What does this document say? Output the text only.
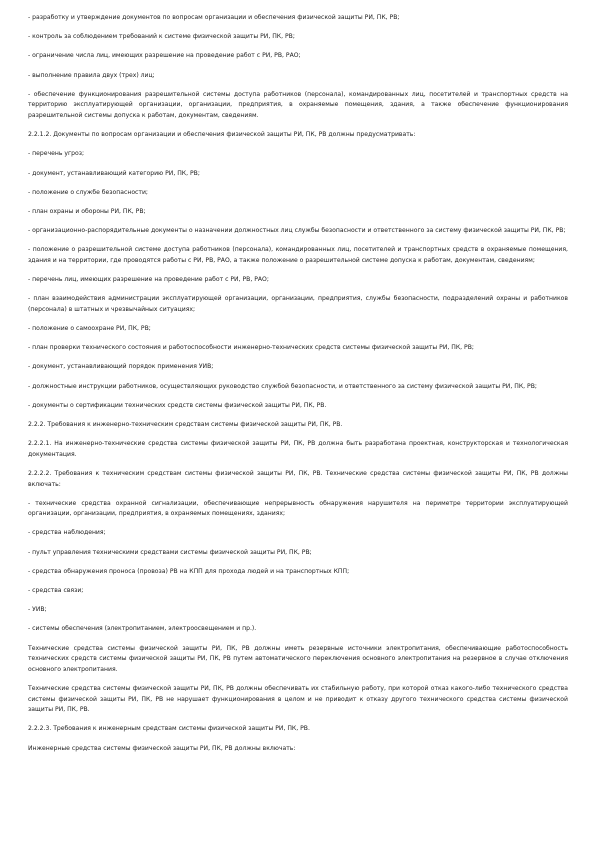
- разработку и утверждение документов по вопросам организации и обеспечения физической защиты РИ, ПК, РВ;

- контроль за соблюдением требований к системе физической защиты РИ, ПК, РВ;

- ограничение числа лиц, имеющих разрешение на проведение работ с РИ, РВ, РАО;

- выполнение правила двух (трех) лиц;

- обеспечение функционирования разрешительной системы доступа работников (персонала), командированных лиц, посетителей и транспортных средств на территорию эксплуатирующей организации, организации, предприятия, в охраняемые помещения, здания, а также обеспечение функционирования разрешительной системы допуска к работам, документам, сведениям.

2.2.1.2. Документы по вопросам организации и обеспечения физической защиты РИ, ПК, РВ должны предусматривать:

- перечень угроз;

- документ, устанавливающий категорию РИ, ПК, РВ;

- положение о службе безопасности;

- план охраны и обороны РИ, ПК, РВ;

- организационно-распорядительные документы о назначении должностных лиц службы безопасности и ответственного за систему физической защиты РИ, ПК, РВ;

- положение о разрешительной системе доступа работников (персонала), командированных лиц, посетителей и транспортных средств в охраняемые помещения, здания и на территории, где проводятся работы с РИ, РВ, РАО, а также положение о разрешительной системе допуска к работам, документам, сведениям;

- перечень лиц, имеющих разрешение на проведение работ с РИ, РВ, РАО;

- план взаимодействия администрации эксплуатирующей организации, организации, предприятия, службы безопасности, подразделений охраны и работников (персонала) в штатных и чрезвычайных ситуациях;

- положение о самоохране РИ, ПК, РВ;

- план проверки технического состояния и работоспособности инженерно-технических средств системы физической защиты РИ, ПК, РВ;

- документ, устанавливающий порядок применения УИВ;

- должностные инструкции работников, осуществляющих руководство службой безопасности, и ответственного за систему физической защиты РИ, ПК, РВ;

- документы о сертификации технических средств системы физической защиты РИ, ПК, РВ.

2.2.2. Требования к инженерно-техническим средствам системы физической защиты РИ, ПК, РВ.

2.2.2.1. На инженерно-технические средства системы физической защиты РИ, ПК, РВ должна быть разработана проектная, конструкторская и технологическая документация.

2.2.2.2. Требования к техническим средствам системы физической защиты РИ, ПК, РВ. Технические средства системы физической защиты РИ, ПК, РВ должны включать:

- технические средства охранной сигнализации, обеспечивающие непрерывность обнаружения нарушителя на периметре территории эксплуатирующей организации, организации, предприятия, в охраняемых помещениях, зданиях;

- средства наблюдения;

- пульт управления техническими средствами системы физической защиты РИ, ПК, РВ;

- средства обнаружения проноса (провоза) РВ на КПП для прохода людей и на транспортных КПП;

- средства связи;

- УИВ;

- системы обеспечения (электропитанием, электроосвещением и пр.).

Технические средства системы физической защиты РИ, ПК, РВ должны иметь резервные источники электропитания, обеспечивающие работоспособность технических средств системы физической защиты РИ, ПК, РВ путем автоматического переключения основного электропитания на резервное в случае отключения основного электропитания.

Технические средства системы физической защиты РИ, ПК, РВ должны обеспечивать их стабильную работу, при которой отказ какого-либо технического средства системы физической защиты РИ, ПК, РВ не нарушает функционирования в целом и не приводит к отказу другого технического средства системы физической защиты РИ, ПК, РВ.

2.2.2.3. Требования к инженерным средствам системы физической защиты РИ, ПК, РВ.

Инженерные средства системы физической защиты РИ, ПК, РВ должны включать:
